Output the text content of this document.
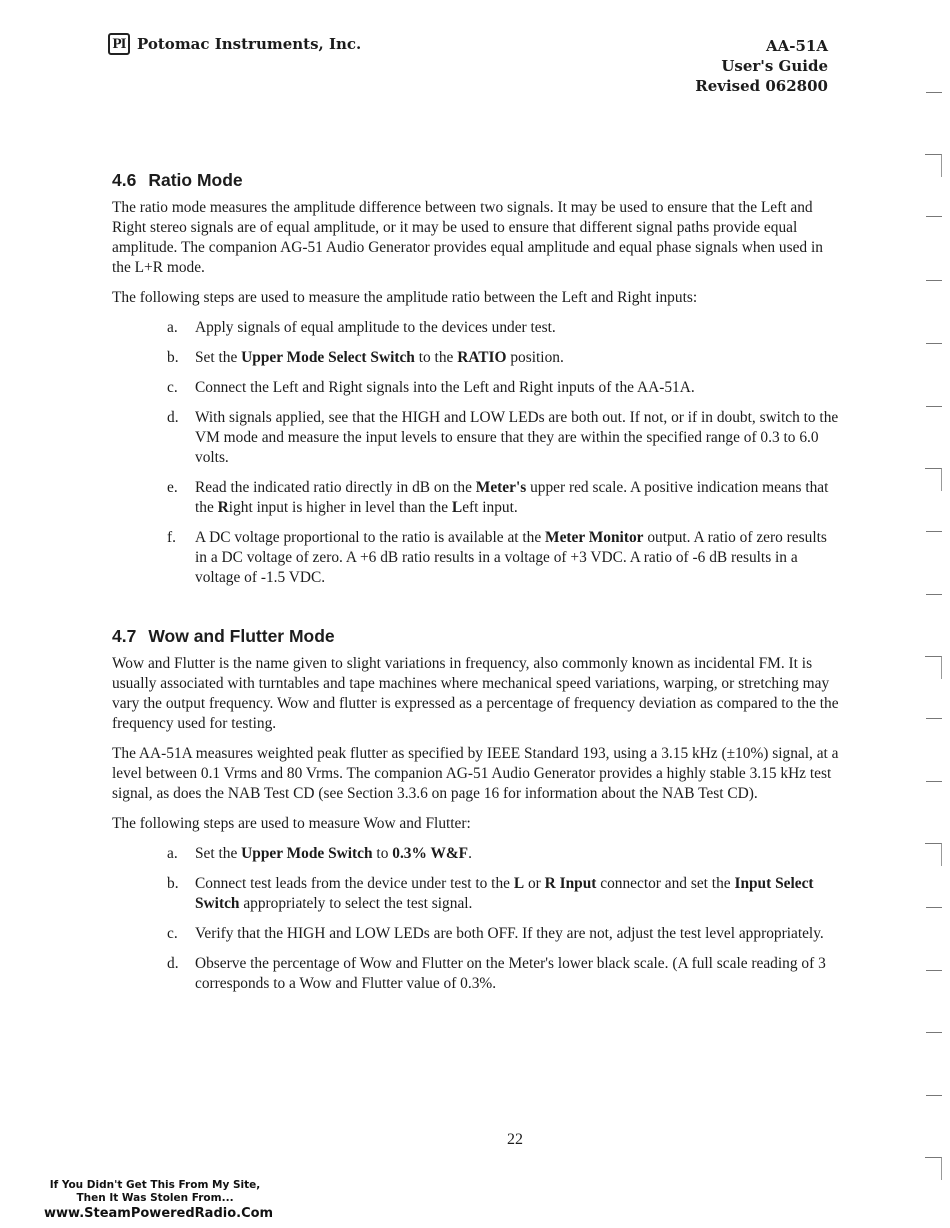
PI Potomac Instruments, Inc.	AA-51A
User's Guide
Revised 062800
4.6 Ratio Mode

The ratio mode measures the amplitude difference between two signals. It may be used to ensure that the Left and Right stereo signals are of equal amplitude, or it may be used to ensure that different signal paths provide equal amplitude. The companion AG-51 Audio Generator provides equal amplitude and equal phase signals when used in the L+R mode.

The following steps are used to measure the amplitude ratio between the Left and Right inputs:

a. Apply signals of equal amplitude to the devices under test.
b. Set the Upper Mode Select Switch to the RATIO position.
c. Connect the Left and Right signals into the Left and Right inputs of the AA-51A.
d. With signals applied, see that the HIGH and LOW LEDs are both out. If not, or if in doubt, switch to the VM mode and measure the input levels to ensure that they are within the specified range of 0.3 to 6.0 volts.
e. Read the indicated ratio directly in dB on the Meter's upper red scale. A positive indication means that the Right input is higher in level than the Left input.
f. A DC voltage proportional to the ratio is available at the Meter Monitor output. A ratio of zero results in a DC voltage of zero. A +6 dB ratio results in a voltage of +3 VDC. A ratio of -6 dB results in a voltage of -1.5 VDC.
4.7 Wow and Flutter Mode

Wow and Flutter is the name given to slight variations in frequency, also commonly known as incidental FM. It is usually associated with turntables and tape machines where mechanical speed variations, warping, or stretching may vary the output frequency. Wow and flutter is expressed as a percentage of frequency deviation as compared to the the frequency used for testing.

The AA-51A measures weighted peak flutter as specified by IEEE Standard 193, using a 3.15 kHz (±10%) signal, at a level between 0.1 Vrms and 80 Vrms. The companion AG-51 Audio Generator provides a highly stable 3.15 kHz test signal, as does the NAB Test CD (see Section 3.3.6 on page 16 for information about the NAB Test CD).

The following steps are used to measure Wow and Flutter:

a. Set the Upper Mode Switch to 0.3% W&F.
b. Connect test leads from the device under test to the L or R Input connector and set the Input Select Switch appropriately to select the test signal.
c. Verify that the HIGH and LOW LEDs are both OFF. If they are not, adjust the test level appropriately.
d. Observe the percentage of Wow and Flutter on the Meter's lower black scale. (A full scale reading of 3 corresponds to a Wow and Flutter value of 0.3%.
22
If You Didn't Get This From My Site,
Then It Was Stolen From...
www.SteamPoweredRadio.Com
